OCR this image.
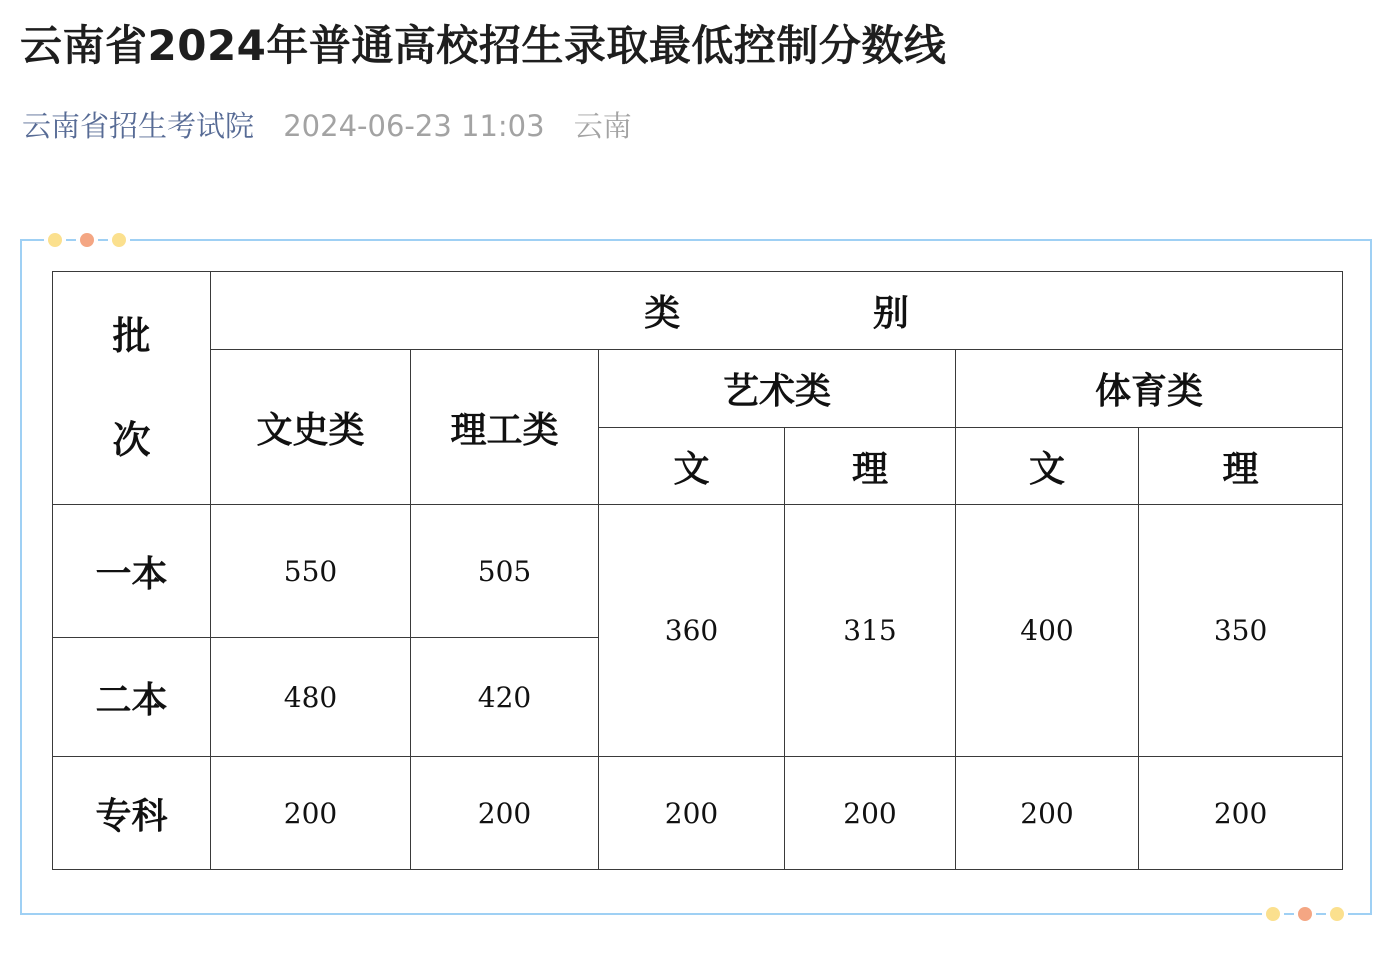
云南省2024年普通高校招生录取最低控制分数线
云南省招生考试院 2024-06-23 11:03 云南
批
次	类 别					
	文史类	理工类	艺术类		体育类	
			文	理	文	理
一本	550	505	360	315	400	350
二本	480	420				
专科	200	200	200	200	200	200
